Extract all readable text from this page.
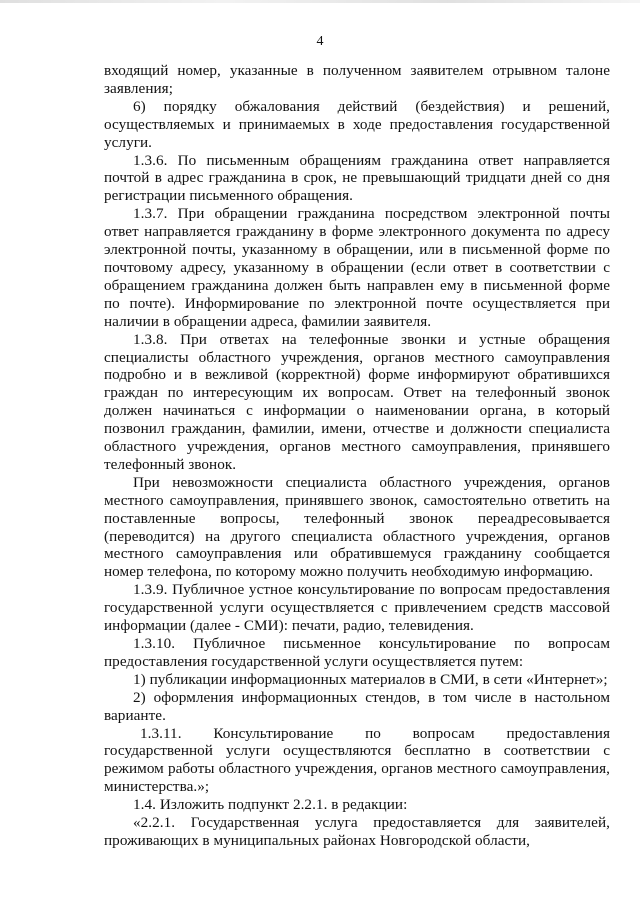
4

входящий номер, указанные в полученном заявителем отрывном талоне заявления;

6) порядку обжалования действий (бездействия) и решений, осуществляемых и принимаемых в ходе предоставления государственной услуги.

1.3.6. По письменным обращениям гражданина ответ направляется почтой в адрес гражданина в срок, не превышающий тридцати дней со дня регистрации письменного обращения.

1.3.7. При обращении гражданина посредством электронной почты ответ направляется гражданину в форме электронного документа по адресу электронной почты, указанному в обращении, или в письменной форме по почтовому адресу, указанному в обращении (если ответ в соответствии с обращением гражданина должен быть направлен ему в письменной форме по почте). Информирование по электронной почте осуществляется при наличии в обращении адреса, фамилии заявителя.

1.3.8. При ответах на телефонные звонки и устные обращения специалисты областного учреждения, органов местного самоуправления подробно и в вежливой (корректной) форме информируют обратившихся граждан по интересующим их вопросам. Ответ на телефонный звонок должен начинаться с информации о наименовании органа, в который позвонил гражданин, фамилии, имени, отчестве и должности специалиста областного учреждения, органов местного самоуправления, принявшего телефонный звонок.

При невозможности специалиста областного учреждения, органов местного самоуправления, принявшего звонок, самостоятельно ответить на поставленные вопросы, телефонный звонок переадресовывается (переводится) на другого специалиста областного учреждения, органов местного самоуправления или обратившемуся гражданину сообщается номер телефона, по которому можно получить необходимую информацию.

1.3.9. Публичное устное консультирование по вопросам предоставления государственной услуги осуществляется с привлечением средств массовой информации (далее - СМИ): печати, радио, телевидения.

1.3.10. Публичное письменное консультирование по вопросам предоставления государственной услуги осуществляется путем:

1) публикации информационных материалов в СМИ, в сети «Интернет»;

2) оформления информационных стендов, в том числе в настольном варианте.

1.3.11. Консультирование по вопросам предоставления государственной услуги осуществляются бесплатно в соответствии с режимом работы областного учреждения, органов местного самоуправления, министерства.»;

1.4. Изложить подпункт 2.2.1. в редакции:

«2.2.1. Государственная услуга предоставляется для заявителей, проживающих в муниципальных районах Новгородской области,
